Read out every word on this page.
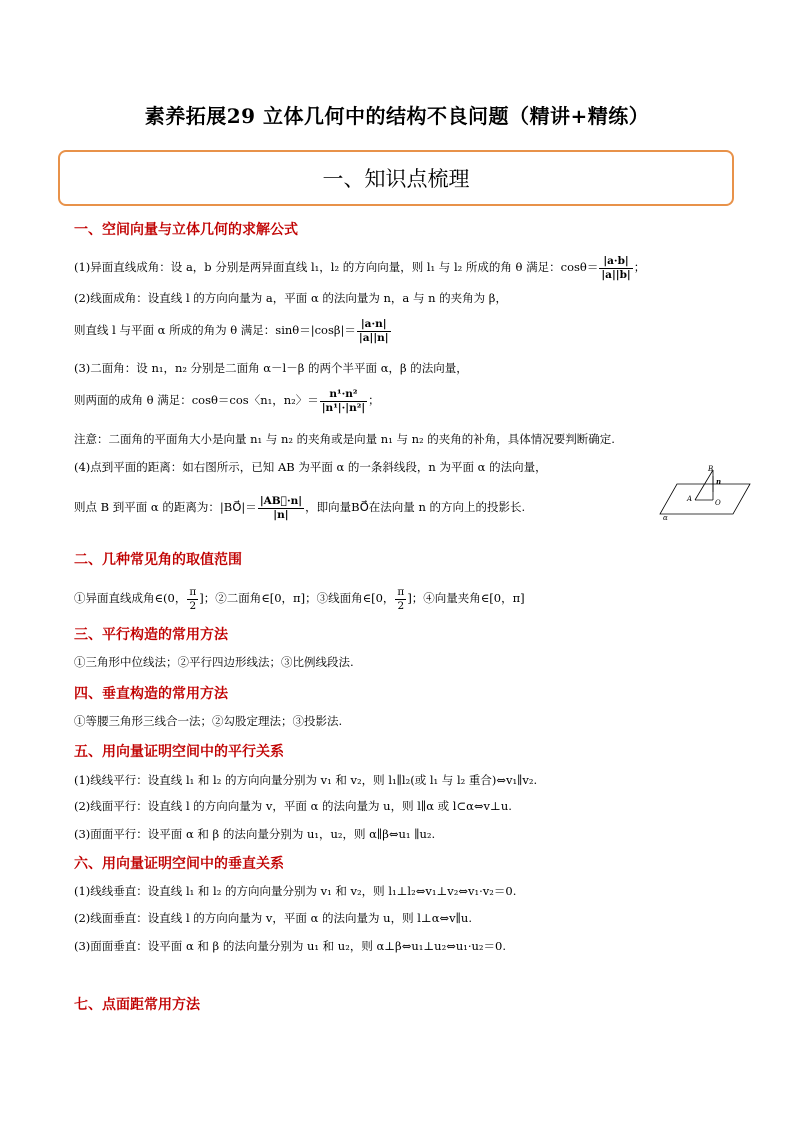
素养拓展29 立体几何中的结构不良问题（精讲+精练）
一、知识点梳理
一、空间向量与立体几何的求解公式
(1)异面直线成角：设 a，b 分别是两异面直线 l₁，l₂ 的方向向量，则 l₁ 与 l₂ 所成的角 θ 满足：$\cos\theta= \frac{|a\cdot b|}{|a||b|}$ ；
(2)线面成角：设直线 l 的方向向量为 a，平面 α 的法向量为 n，a 与 n 的夹角为 β，
则直线 l 与平面 α 所成的角为 θ 满足：$\sin\theta=|\cos\beta|= \frac{|a\cdot n|}{|a||n|}$
(3)二面角：设 n₁，n₂ 分别是二面角 α－l－β 的两个半平面 α，β 的法向量，
则两面的成角 θ 满足：cosθ＝cos〈n₁，n₂〉＝ $\frac{\text{n¹·n²}}{\text{|n¹|·|n²|}}$ ；
注意：二面角的平面角大小是向量 n₁ 与 n₂ 的夹角或是向量 n₁ 与 n₂ 的夹角的补角，具体情况要判断确定.
(4)点到平面的距离：如右图所示，已知 AB 为平面 α 的一条斜线段，n 为平面 α 的法向量，
则点 B 到平面 α 的距离为：|BO⃗|＝ $\frac{|AB⃗\cdot n|}{|n|}$ ，即向量BO⃗在法向量 n 的方向上的投影长.
B
n
A	O
α
二、几种常见角的取值范围
①异面直线成角∈(0， $\frac{\pi}{2}$ ]；②二面角∈[0，π]；③线面角∈[0， $\frac{\pi}{2}$ ]；④向量夹角∈[0，π]
三、平行构造的常用方法
①三角形中位线法；②平行四边形线法；③比例线段法.
四、垂直构造的常用方法
①等腰三角形三线合一法；②勾股定理法；③投影法.
五、用向量证明空间中的平行关系
(1)线线平行：设直线 l₁ 和 l₂ 的方向向量分别为 v₁ 和 v₂，则 l₁∥l₂(或 l₁ 与 l₂ 重合)⇔v₁∥v₂.
(2)线面平行：设直线 l 的方向向量为 v，平面 α 的法向量为 u，则 l∥α 或 l⊂α⇔v⊥u.
(3)面面平行：设平面 α 和 β 的法向量分别为 u₁，u₂，则 α∥β⇔u₁ ∥u₂.
六、用向量证明空间中的垂直关系
(1)线线垂直：设直线 l₁ 和 l₂ 的方向向量分别为 v₁ 和 v₂，则 l₁⊥l₂⇔v₁⊥v₂⇔v₁·v₂＝0.
(2)线面垂直：设直线 l 的方向向量为 v，平面 α 的法向量为 u，则 l⊥α⇔v∥u.
(3)面面垂直：设平面 α 和 β 的法向量分别为 u₁ 和 u₂，则 α⊥β⇔u₁⊥u₂⇔u₁·u₂＝0.
七、点面距常用方法
